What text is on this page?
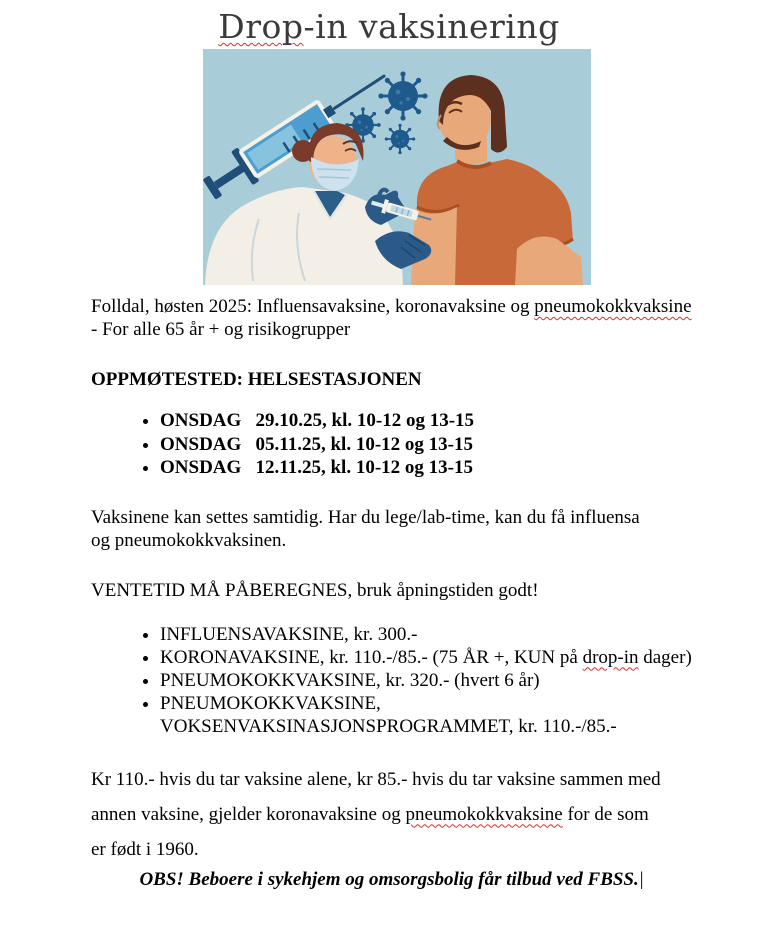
Drop-in vaksinering

Folldal, høsten 2025: Influensavaksine, koronavaksine og pneumokokkvaksine
- For alle 65 år + og risikogrupper

OPPMØTESTED: HELSESTASJONEN
• ONSDAG   29.10.25, kl. 10-12 og 13-15
• ONSDAG   05.11.25, kl. 10-12 og 13-15
• ONSDAG   12.11.25, kl. 10-12 og 13-15

Vaksinene kan settes samtidig. Har du lege/lab-time, kan du få influensa
og pneumokokkvaksinen.

VENTETID MÅ PÅBEREGNES, bruk åpningstiden godt!

• INFLUENSAVAKSINE, kr. 300.-
• KORONAVAKSINE, kr. 110.-/85.- (75 ÅR +, KUN på drop-in dager)
• PNEUMOKOKKVAKSINE, kr. 320.- (hvert 6 år)
• PNEUMOKOKKVAKSINE,
VOKSENVAKSINASJONSPROGRAMMET, kr. 110.-/85.-

Kr 110.- hvis du tar vaksine alene, kr 85.- hvis du tar vaksine sammen med
annen vaksine, gjelder koronavaksine og pneumokokkvaksine for de som
er født i 1960.

OBS! Beboere i sykehjem og omsorgsbolig får tilbud ved FBSS.|
